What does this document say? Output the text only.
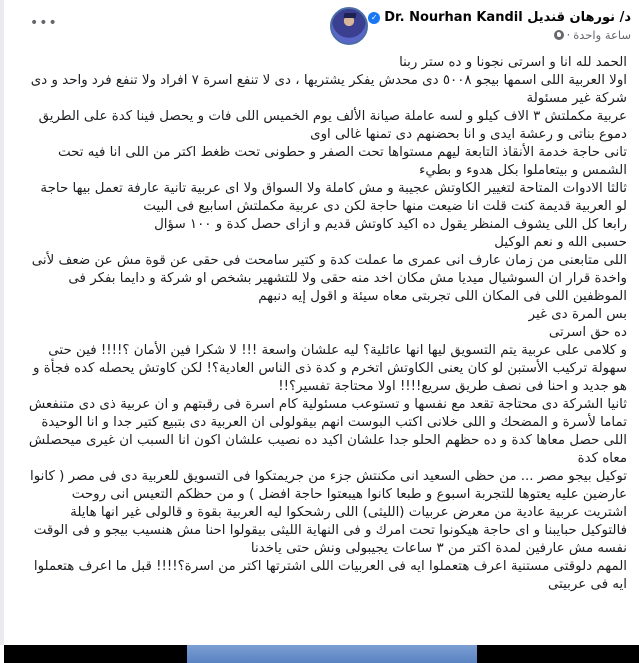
•••	د/ نورهان قنديل Dr. Nourhan Kandil
✓
ساعة واحدة
·

الحمد لله انا و اسرتى نجونا و ده ستر ربنا

اولا العربية اللى اسمها بيجو ٥٠٠٨ دى محدش يفكر يشتريها ، دى لا تنفع اسرة ٧ افراد ولا تنفع فرد واحد و دى شركة غير مسئولة

عربية مكملتش ٣ الاف كيلو و لسه عاملة صيانة الألف يوم الخميس اللى فات و يحصل فينا كدة على الطريق

دموع بناتى و رعشة ايدى و انا بحضنهم دى تمنها غالى اوى

تانى حاجة خدمة الأنقاذ التابعة ليهم مستواها تحت الصفر و حطونى تحت ظغط اكتر من اللى انا فيه تحت الشمس و بيتعاملوا بكل هدوء و بطيء

ثالثا الادوات المتاحة لتغيير الكاوتش عجيبة و مش كاملة ولا السواق ولا اى عربية تانية عارفة تعمل بيها حاجة لو العربية قديمة كنت قلت انا ضيعت منها حاجة لكن دى عربية مكملتش اسابيع فى البيت

رابعا كل اللى يشوف المنظر يقول ده اكيد كاوتش قديم و ازاى حصل كدة و ١٠٠ سؤال

حسبى الله و نعم الوكيل

اللى متابعنى من زمان عارف انى عمرى ما عملت كدة و كتير سامحت فى حقى عن قوة مش عن ضعف لأنى واخدة قرار ان السوشيال ميديا مش مكان اخد منه حقى ولا للتشهير بشخص او شركة و دايما بفكر فى الموظفين اللى فى المكان اللى تجربتى معاه سيئة و اقول إيه دنبهم

بس المرة دى غير

ده حق اسرتى

و كلامى على عربية يتم التسويق ليها انها عائلية؟ ليه علشان واسعة !!! لا شكرا فين الأمان ؟!!!! فين حتى سهولة تركيب الأستبن لو كان يعنى الكاوتش اتخرم و كدة ذى الناس العادية؟! لكن كاوتش يحصله كده فجأة و هو جديد و احنا فى نصف طريق سريع!!!! اولا محتاجة تفسير؟!!

ثانيا الشركة دى محتاجة تقعد مع نفسها و تستوعب مسئولية كام اسرة فى رقبتهم و ان عربية ذى دى متنفعش تماما لأسرة و المضحك و اللى خلانى اكتب البوست انهم بيقولولى ان العربية دى بتبيع كتير جدا و انا الوحيدة اللى حصل معاها كدة و ده حظهم الحلو جدا علشان اكيد ده نصيب علشان اكون انا السبب ان غيرى ميحصلش معاه كدة

توكيل بيجو مصر ... من حظى السعيد انى مكنتش جزء من جريمتكوا فى التسويق للعربية دى فى مصر ( كانوا عارضين عليه يعتوها للتجربة اسبوع و طبعا كانوا هيبعتوا حاجة افضل ) و من حظكم التعيس انى روحت اشتريت عربية عادية من معرض عربيات (الليثى) اللى رشحكوا ليه العربية بقوة و قالولى غير انها هايلة فالتوكيل حبايبنا و اى حاجة هيكونوا تحت امرك و فى النهاية الليثى بيقولوا احنا مش هنسيب بيجو و فى الوقت نفسه مش عارفين لمدة اكتر من ٣ ساعات يجيبولى ونش حتى ياخدنا

المهم دلوقتى مستنية اعرف هتعملوا ايه فى العربيات اللى اشترتها اكتر من اسرة؟!!!! قبل ما اعرف هتعملوا ايه فى عربيتى
